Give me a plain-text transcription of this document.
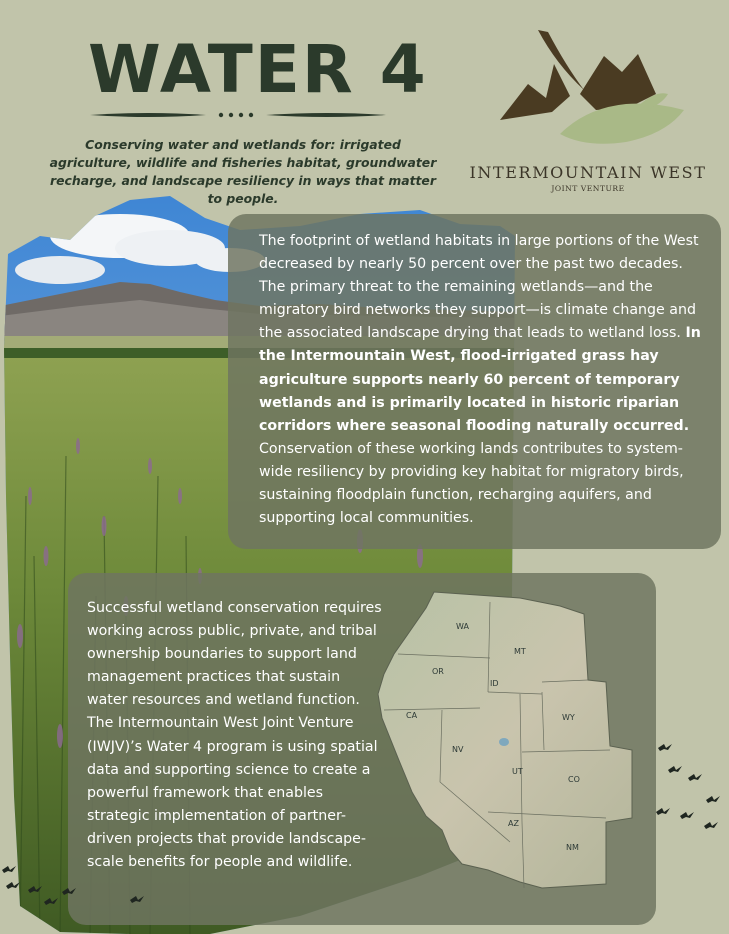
WATER 4
Conserving water and wetlands for: irrigated agriculture, wildlife and fisheries habitat, groundwater recharge, and landscape resiliency in ways that matter to people.
INTERMOUNTAIN WEST
JOINT VENTURE

The footprint of wetland habitats in large portions of the West decreased by nearly 50 percent over the past two decades. The primary threat to the remaining wetlands—and the migratory bird networks they support—is climate change and the associated landscape drying that leads to wetland loss. In the Intermountain West, flood-irrigated grass hay agriculture supports nearly 60 percent of temporary wetlands and is primarily located in historic riparian corridors where seasonal flooding naturally occurred. Conservation of these working lands contributes to system-wide resiliency by providing key habitat for migratory birds, sustaining floodplain function, recharging aquifers, and supporting local communities.

Successful wetland conservation requires working across public, private, and tribal ownership boundaries to support land management practices that sustain water resources and wetland function. The Intermountain West Joint Venture (IWJV)’s Water 4 program is using spatial data and supporting science to create a powerful framework that enables strategic implementation of partner-driven projects that provide landscape-scale benefits for people and wildlife.

WA
OR
ID
MT
WY
CA
NV
UT
CO
AZ
NM
